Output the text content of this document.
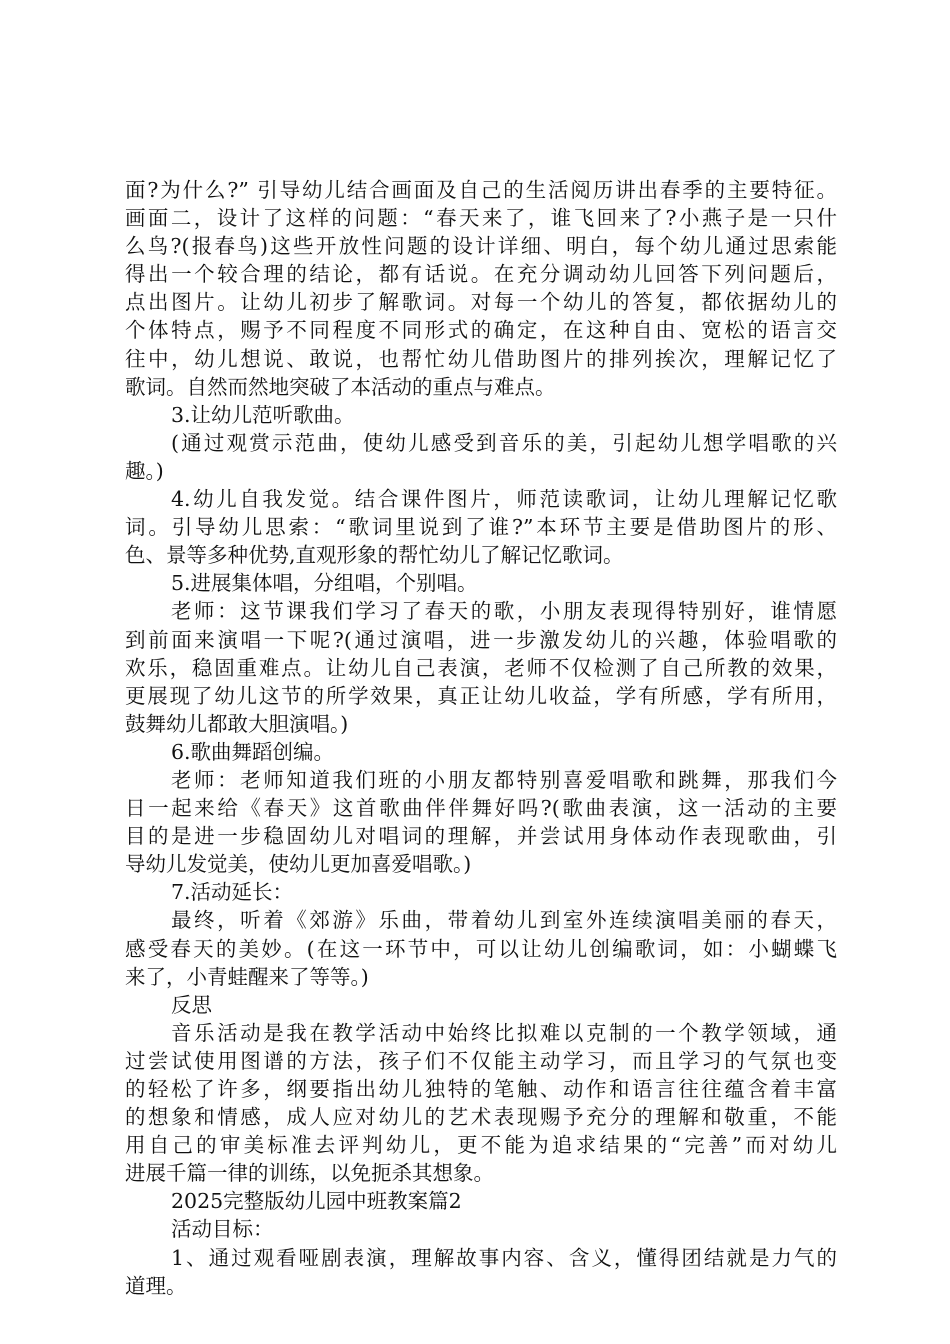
面?为什么?” 引导幼儿结合画面及自己的生活阅历讲出春季的主要特征。
画面二，设计了这样的问题：“春天来了，谁飞回来了?小燕子是一只什
么鸟?(报春鸟)这些开放性问题的设计详细、明白，每个幼儿通过思索能
得出一个较合理的结论，都有话说。在充分调动幼儿回答下列问题后，
点出图片。让幼儿初步了解歌词。对每一个幼儿的答复，都依据幼儿的
个体特点，赐予不同程度不同形式的确定，在这种自由、宽松的语言交
往中，幼儿想说、敢说，也帮忙幼儿借助图片的排列挨次，理解记忆了
歌词。自然而然地突破了本活动的重点与难点。
3.让幼儿范听歌曲。
(通过观赏示范曲，使幼儿感受到音乐的美，引起幼儿想学唱歌的兴
趣。)
4.幼儿自我发觉。结合课件图片，师范读歌词，让幼儿理解记忆歌
词。引导幼儿思索：“歌词里说到了谁?”本环节主要是借助图片的形、
色、景等多种优势,直观形象的帮忙幼儿了解记忆歌词。
5.进展集体唱，分组唱，个别唱。
老师：这节课我们学习了春天的歌，小朋友表现得特别好，谁情愿
到前面来演唱一下呢?(通过演唱，进一步激发幼儿的兴趣，体验唱歌的
欢乐，稳固重难点。让幼儿自己表演，老师不仅检测了自己所教的效果，
更展现了幼儿这节的所学效果，真正让幼儿收益，学有所感，学有所用，
鼓舞幼儿都敢大胆演唱。)
6.歌曲舞蹈创编。
老师：老师知道我们班的小朋友都特别喜爱唱歌和跳舞，那我们今
日一起来给《春天》这首歌曲伴伴舞好吗?(歌曲表演，这一活动的主要
目的是进一步稳固幼儿对唱词的理解，并尝试用身体动作表现歌曲，引
导幼儿发觉美，使幼儿更加喜爱唱歌。)
7.活动延长：
最终，听着《郊游》乐曲，带着幼儿到室外连续演唱美丽的春天，
感受春天的美妙。(在这一环节中，可以让幼儿创编歌词，如：小蝴蝶飞
来了，小青蛙醒来了等等。)
反思
音乐活动是我在教学活动中始终比拟难以克制的一个教学领域，通
过尝试使用图谱的方法，孩子们不仅能主动学习，而且学习的气氛也变
的轻松了许多，纲要指出幼儿独特的笔触、动作和语言往往蕴含着丰富
的想象和情感，成人应对幼儿的艺术表现赐予充分的理解和敬重，不能
用自己的审美标准去评判幼儿，更不能为追求结果的“完善”而对幼儿
进展千篇一律的训练，以免扼杀其想象。
2025完整版幼儿园中班教案篇2
活动目标：
1、通过观看哑剧表演，理解故事内容、含义，懂得团结就是力气的
道理。
